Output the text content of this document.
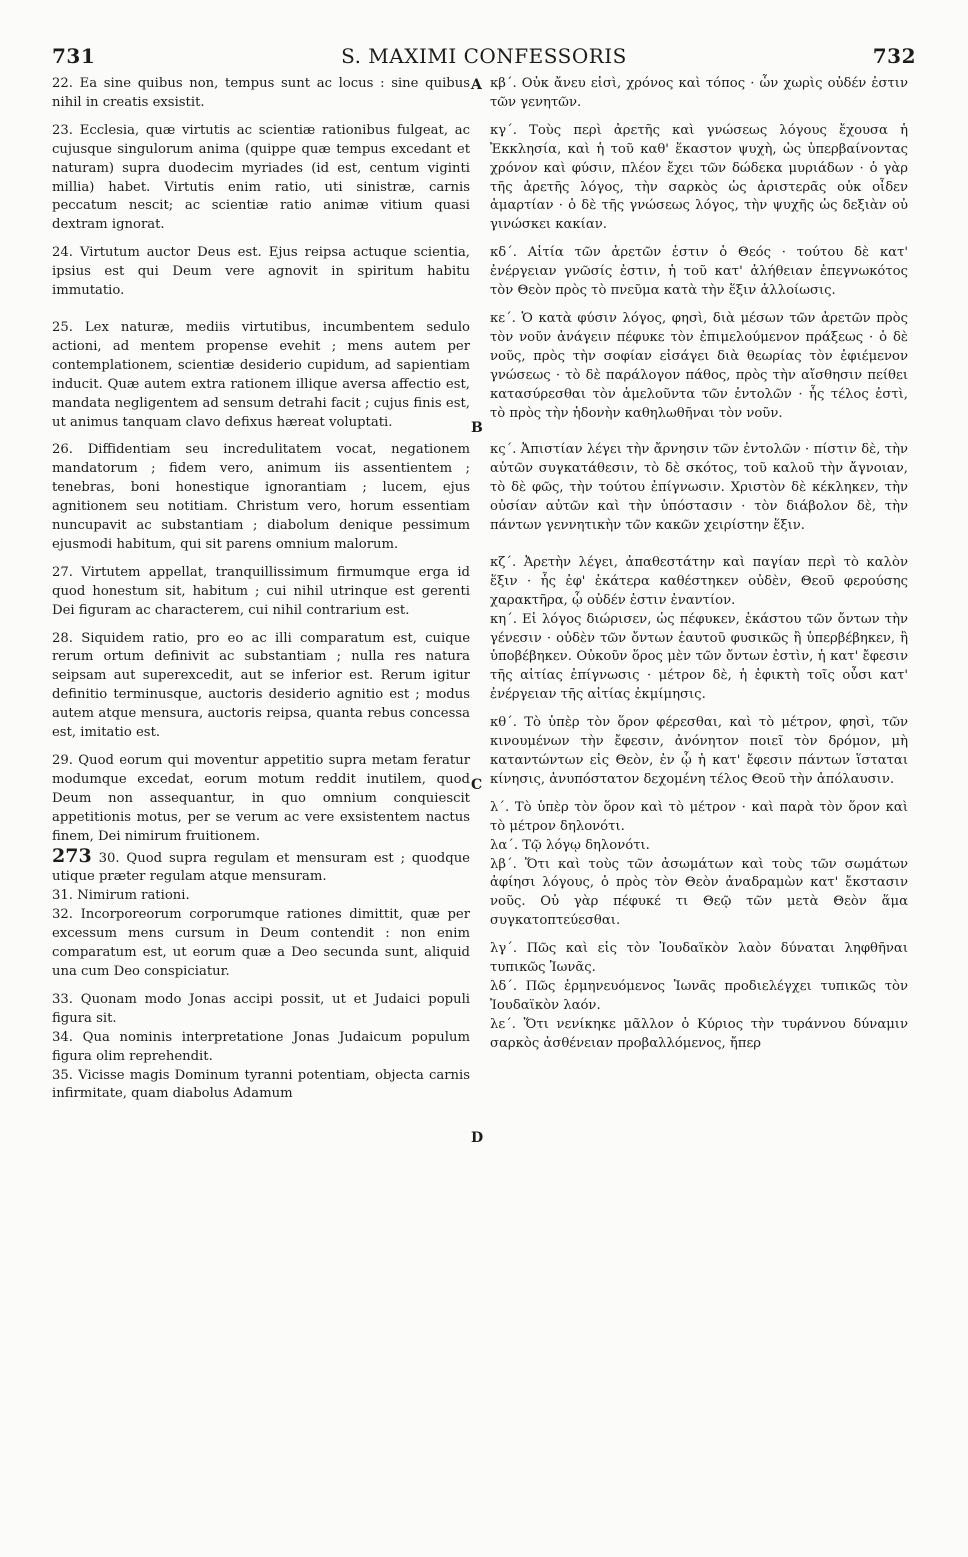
731	S. MAXIMI CONFESSORIS	732
A
B
C
D

22. Ea sine quibus non, tempus sunt ac locus : sine quibus nihil in creatis exsistit.

23. Ecclesia, quæ virtutis ac scientiæ rationibus fulgeat, ac cujusque singulorum anima (quippe quæ tempus excedant et naturam) supra duodecim myriades (id est, centum viginti millia) habet. Virtutis enim ratio, uti sinistræ, carnis peccatum nescit; ac scientiæ ratio animæ vitium quasi dextram ignorat.

24. Virtutum auctor Deus est. Ejus reipsa actuque scientia, ipsius est qui Deum vere agnovit in spiritum habitu immutatio.

25. Lex naturæ, mediis virtutibus, incumbentem sedulo actioni, ad mentem propense evehit ; mens autem per contemplationem, scientiæ desiderio cupidum, ad sapientiam inducit. Quæ autem extra rationem illique aversa affectio est, mandata negligentem ad sensum detrahi facit ; cujus finis est, ut animus tanquam clavo defixus hæreat voluptati.

26. Diffidentiam seu incredulitatem vocat, negationem mandatorum ; fidem vero, animum iis assentientem ; tenebras, boni honestique ignorantiam ; lucem, ejus agnitionem seu notitiam. Christum vero, horum essentiam nuncupavit ac substantiam ; diabolum denique pessimum ejusmodi habitum, qui sit parens omnium malorum.

27. Virtutem appellat, tranquillissimum firmumque erga id quod honestum sit, habitum ; cui nihil utrinque est gerenti Dei figuram ac characterem, cui nihil contrarium est.

28. Siquidem ratio, pro eo ac illi comparatum est, cuique rerum ortum definivit ac substantiam ; nulla res natura seipsam aut superexcedit, aut se inferior est. Rerum igitur definitio terminusque, auctoris desiderio agnitio est ; modus autem atque mensura, auctoris reipsa, quanta rebus concessa est, imitatio est.

29. Quod eorum qui moventur appetitio supra metam feratur modumque excedat, eorum motum reddit inutilem, quod Deum non assequantur, in quo omnium conquiescit appetitionis motus, per se verum ac vere exsistentem nactus finem, Dei nimirum fruitionem.

273 30. Quod supra regulam et mensuram est ; quodque utique præter regulam atque mensuram.

31. Nimirum rationi.

32. Incorporeorum corporumque rationes dimittit, quæ per excessum mens cursum in Deum contendit : non enim comparatum est, ut eorum quæ a Deo secunda sunt, aliquid una cum Deo conspiciatur.

33. Quonam modo Jonas accipi possit, ut et Judaici populi figura sit.

34. Qua nominis interpretatione Jonas Judaicum populum figura olim reprehendit.

35. Vicisse magis Dominum tyranni potentiam, objecta carnis infirmitate, quam diabolus Adamum

κβ΄. Οὐκ ἄνευ εἰσὶ, χρόνος καὶ τόπος · ὧν χωρὶς οὐδέν ἐστιν τῶν γενητῶν.

κγ΄. Τοὺς περὶ ἀρετῆς καὶ γνώσεως λόγους ἔχουσα ἡ Ἐκκλησία, καὶ ἡ τοῦ καθ' ἕκαστον ψυχὴ, ὡς ὑπερβαίνοντας χρόνον καὶ φύσιν, πλέον ἔχει τῶν δώδεκα μυριάδων · ὁ γὰρ τῆς ἀρετῆς λόγος, τὴν σαρκὸς ὡς ἀριστερᾶς οὐκ οἶδεν ἁμαρτίαν · ὁ δὲ τῆς γνώσεως λόγος, τὴν ψυχῆς ὡς δεξιὰν οὐ γινώσκει κακίαν.

κδ΄. Αἰτία τῶν ἀρετῶν ἐστιν ὁ Θεός · τούτου δὲ κατ' ἐνέργειαν γνῶσίς ἐστιν, ἡ τοῦ κατ' ἀλήθειαν ἐπεγνωκότος τὸν Θεὸν πρὸς τὸ πνεῦμα κατὰ τὴν ἕξιν ἀλλοίωσις.

κε΄. Ὁ κατὰ φύσιν λόγος, φησὶ, διὰ μέσων τῶν ἀρετῶν πρὸς τὸν νοῦν ἀνάγειν πέφυκε τὸν ἐπιμελούμενον πράξεως · ὁ δὲ νοῦς, πρὸς τὴν σοφίαν εἰσάγει διὰ θεωρίας τὸν ἐφιέμενον γνώσεως · τὸ δὲ παράλογον πάθος, πρὸς τὴν αἴσθησιν πείθει κατασύρεσθαι τὸν ἀμελοῦντα τῶν ἐντολῶν · ἧς τέλος ἐστὶ, τὸ πρὸς τὴν ἡδονὴν καθηλωθῆναι τὸν νοῦν.

κς΄. Ἀπιστίαν λέγει τὴν ἄρνησιν τῶν ἐντολῶν · πίστιν δὲ, τὴν αὐτῶν συγκατάθεσιν, τὸ δὲ σκότος, τοῦ καλοῦ τὴν ἄγνοιαν, τὸ δὲ φῶς, τὴν τούτου ἐπίγνωσιν. Χριστὸν δὲ κέκληκεν, τὴν οὐσίαν αὐτῶν καὶ τὴν ὑπόστασιν · τὸν διάβολον δὲ, τὴν πάντων γεννητικὴν τῶν κακῶν χειρίστην ἕξιν.

κζ΄. Ἀρετὴν λέγει, ἀπαθεστάτην καὶ παγίαν περὶ τὸ καλὸν ἕξιν · ἧς ἐφ' ἑκάτερα καθέστηκεν οὐδὲν, Θεοῦ φερούσης χαρακτῆρα, ᾧ οὐδέν ἐστιν ἐναντίον.

κη΄. Εἰ λόγος διώρισεν, ὡς πέφυκεν, ἑκάστου τῶν ὄντων τὴν γένεσιν · οὐδὲν τῶν ὄντων ἑαυτοῦ φυσικῶς ἢ ὑπερβέβηκεν, ἢ ὑποβέβηκεν. Οὐκοῦν ὅρος μὲν τῶν ὄντων ἐστὶν, ἡ κατ' ἔφεσιν τῆς αἰτίας ἐπίγνωσις · μέτρον δὲ, ἡ ἐφικτὴ τοῖς οὖσι κατ' ἐνέργειαν τῆς αἰτίας ἐκμίμησις.

κθ΄. Τὸ ὑπὲρ τὸν ὅρον φέρεσθαι, καὶ τὸ μέτρον, φησὶ, τῶν κινουμένων τὴν ἔφεσιν, ἀνόνητον ποιεῖ τὸν δρόμον, μὴ καταντώντων εἰς Θεὸν, ἐν ᾧ ἡ κατ' ἔφεσιν πάντων ἵσταται κίνησις, ἀνυπόστατον δεχομένη τέλος Θεοῦ τὴν ἀπόλαυσιν.

λ΄. Τὸ ὑπὲρ τὸν ὅρον καὶ τὸ μέτρον · καὶ παρὰ τὸν ὅρον καὶ τὸ μέτρον δηλονότι.

λα΄. Τῷ λόγῳ δηλονότι.

λβ΄. Ὅτι καὶ τοὺς τῶν ἀσωμάτων καὶ τοὺς τῶν σωμάτων ἀφίησι λόγους, ὁ πρὸς τὸν Θεὸν ἀναδραμὼν κατ' ἔκστασιν νοῦς. Οὐ γὰρ πέφυκέ τι Θεῷ τῶν μετὰ Θεὸν ἅμα συγκατοπτεύεσθαι.

λγ΄. Πῶς καὶ εἰς τὸν Ἰουδαϊκὸν λαὸν δύναται ληφθῆναι τυπικῶς Ἰωνᾶς.

λδ΄. Πῶς ἑρμηνευόμενος Ἰωνᾶς προδιελέγχει τυπικῶς τὸν Ἰουδαϊκὸν λαόν.

λε΄. Ὅτι νενίκηκε μᾶλλον ὁ Κύριος τὴν τυράννου δύναμιν σαρκὸς ἀσθένειαν προβαλλόμενος, ἤπερ
